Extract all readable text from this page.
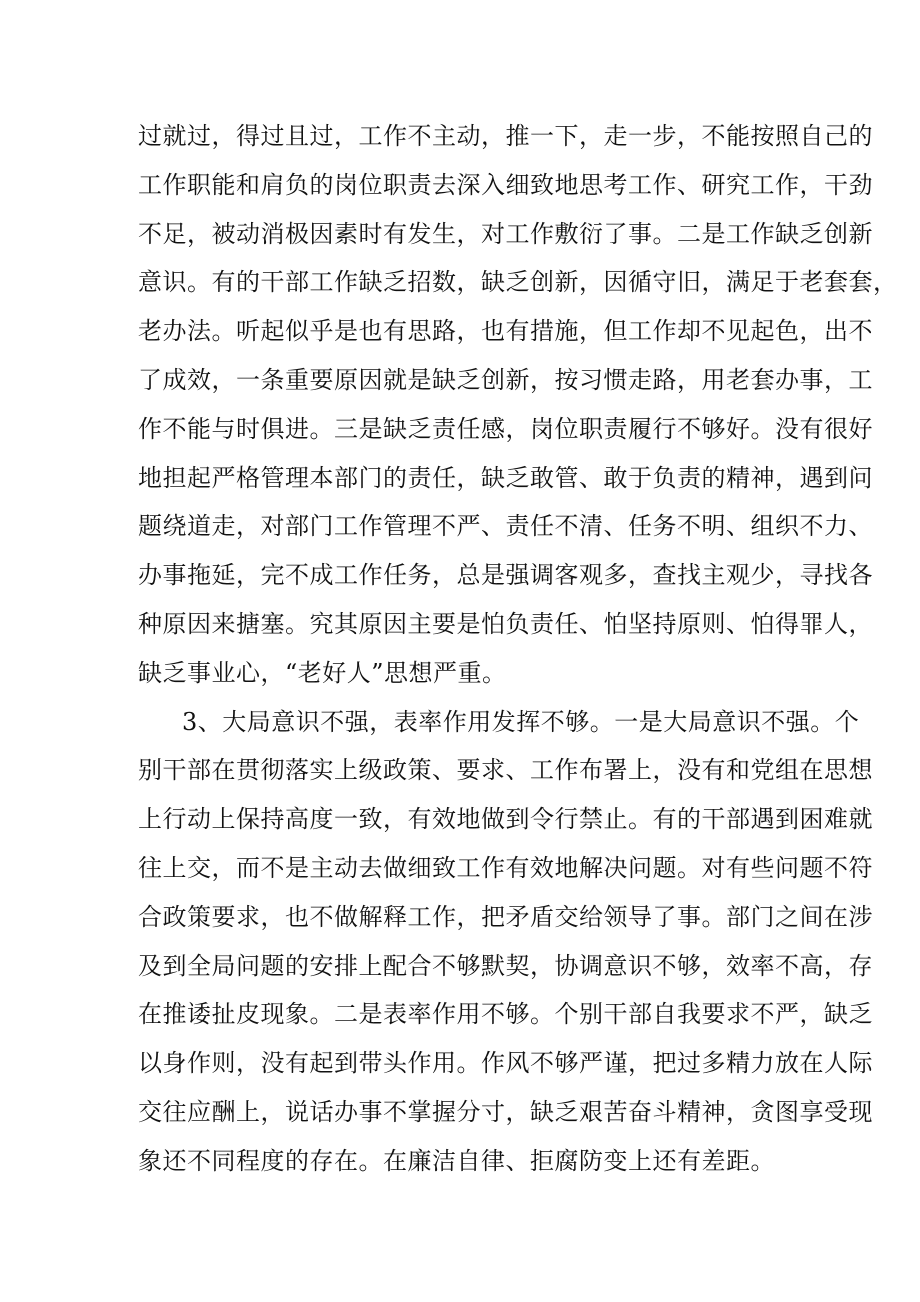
过就过，得过且过，工作不主动，推一下，走一步，不能按照自己的
工作职能和肩负的岗位职责去深入细致地思考工作、研究工作，干劲
不足，被动消极因素时有发生，对工作敷衍了事。二是工作缺乏创新
意识。有的干部工作缺乏招数，缺乏创新，因循守旧，满足于老套套，
老办法。听起似乎是也有思路，也有措施，但工作却不见起色，出不
了成效，一条重要原因就是缺乏创新，按习惯走路，用老套办事，工
作不能与时俱进。三是缺乏责任感，岗位职责履行不够好。没有很好
地担起严格管理本部门的责任，缺乏敢管、敢于负责的精神，遇到问
题绕道走，对部门工作管理不严、责任不清、任务不明、组织不力、
办事拖延，完不成工作任务，总是强调客观多，查找主观少，寻找各
种原因来搪塞。究其原因主要是怕负责任、怕坚持原则、怕得罪人，
缺乏事业心，“老好人”思想严重。
3、大局意识不强，表率作用发挥不够。一是大局意识不强。个
别干部在贯彻落实上级政策、要求、工作布署上，没有和党组在思想
上行动上保持高度一致，有效地做到令行禁止。有的干部遇到困难就
往上交，而不是主动去做细致工作有效地解决问题。对有些问题不符
合政策要求，也不做解释工作，把矛盾交给领导了事。部门之间在涉
及到全局问题的安排上配合不够默契，协调意识不够，效率不高，存
在推诿扯皮现象。二是表率作用不够。个别干部自我要求不严，缺乏
以身作则，没有起到带头作用。作风不够严谨，把过多精力放在人际
交往应酬上，说话办事不掌握分寸，缺乏艰苦奋斗精神，贪图享受现
象还不同程度的存在。在廉洁自律、拒腐防变上还有差距。
